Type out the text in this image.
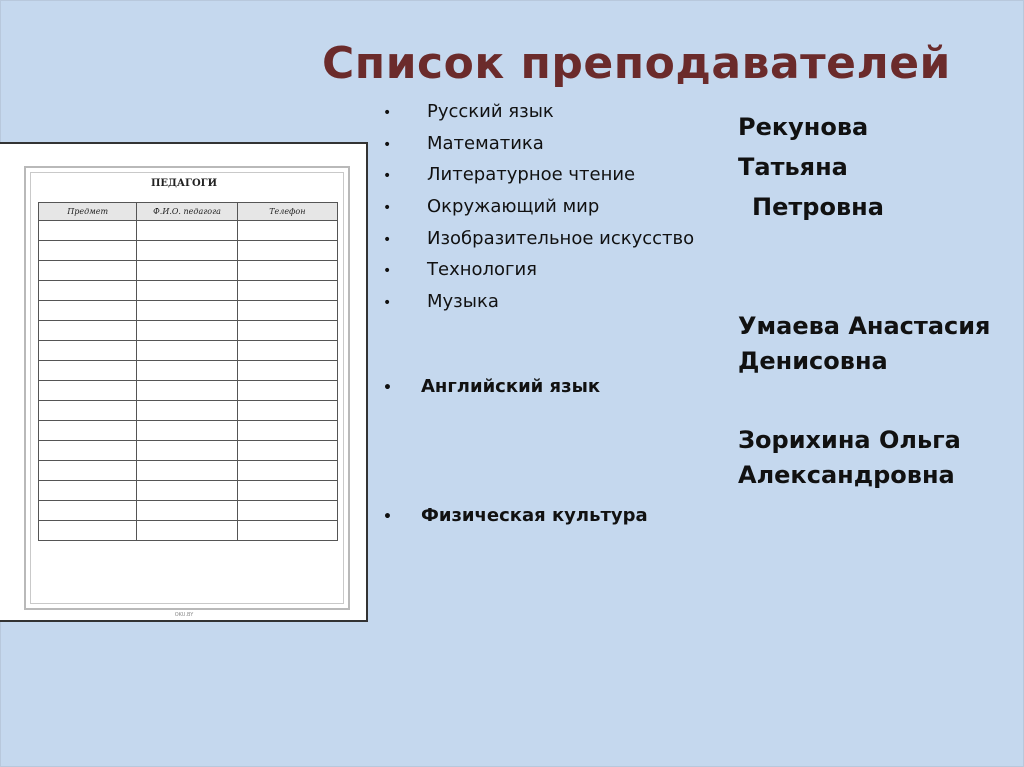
Список преподавателей
• Русский язык
• Математика
• Литературное чтение
• Окружающий мир
• Изобразительное искусство
• Технология
• Музыка
• Английский язык
• Физическая культура
Рекунова
Татьяна
Петровна
Умаева Анастасия
Денисовна
Зорихина Ольга
Александровна
ПЕДАГОГИ
Предмет	Ф.И.О. педагога	Телефон

OKU.BY
